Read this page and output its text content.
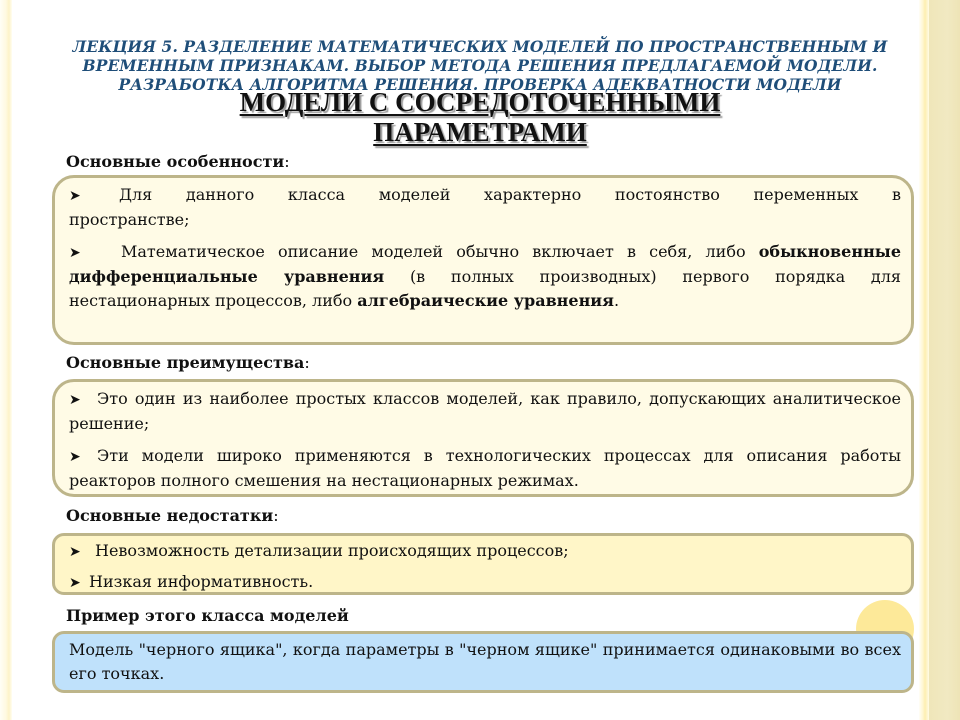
ЛЕКЦИЯ 5. РАЗДЕЛЕНИЕ МАТЕМАТИЧЕСКИХ МОДЕЛЕЙ ПО ПРОСТРАНСТВЕННЫМ И ВРЕМЕННЫМ ПРИЗНАКАМ. ВЫБОР МЕТОДА РЕШЕНИЯ ПРЕДЛАГАЕМОЙ МОДЕЛИ. РАЗРАБОТКА АЛГОРИТМА РЕШЕНИЯ. ПРОВЕРКА АДЕКВАТНОСТИ МОДЕЛИ

МОДЕЛИ С СОСРЕДОТОЧЕННЫМИ
ПАРАМЕТРАМИ
Основные особенности:

➤ Для данного класса моделей характерно постоянство переменных в пространстве;

➤	Математическое описание моделей обычно включает в себя, либо обыкновенные дифференциальные уравнения (в полных производных) первого порядка для нестационарных процессов, либо алгебраические уравнения.

Основные преимущества:

➤ Это один из наиболее простых классов моделей, как правило, допускающих аналитическое решение;

➤ Эти модели широко применяются в технологических процессах для описания работы реакторов полного смешения на нестационарных режимах.

Основные недостатки:

➤ Невозможность детализации происходящих процессов;

➤ Низкая информативность.

Пример этого класса моделей

Модель "черного ящика", когда параметры в "черном ящике" принимается одинаковыми во всех его точках.
